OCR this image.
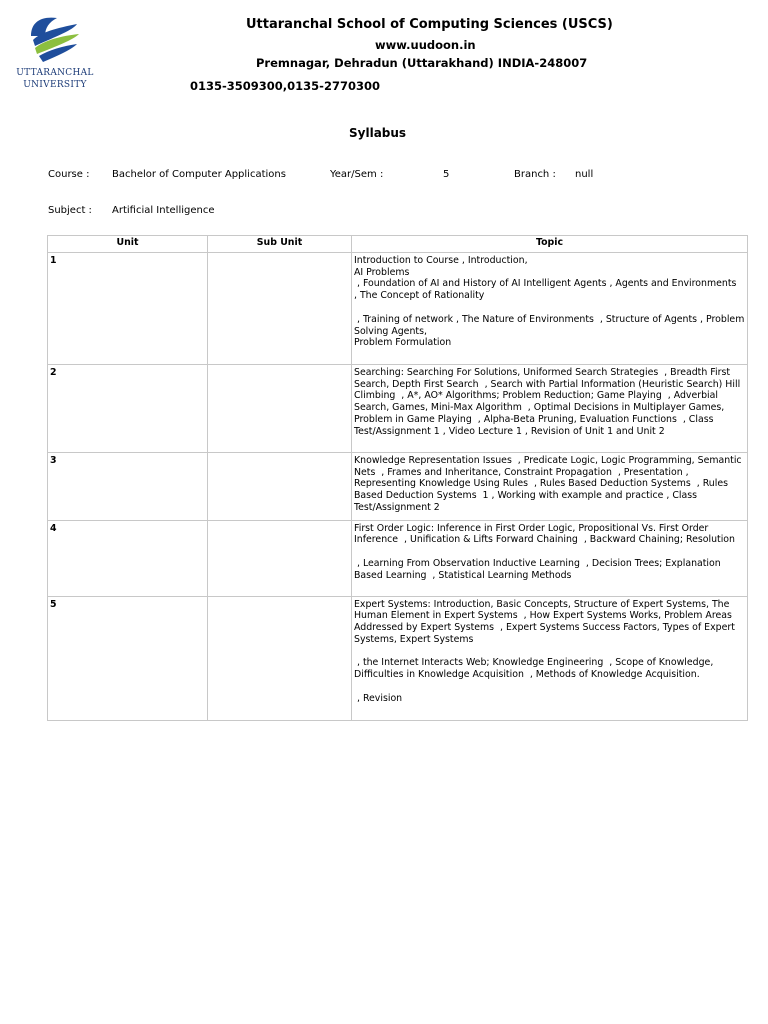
UTTARANCHAL
UNIVERSITY
Uttaranchal School of Computing Sciences (USCS)
www.uudoon.in
Premnagar, Dehradun (Uttarakhand) INDIA-248007
0135-3509300,0135-2770300
Syllabus
Course : Bachelor of Computer Applications	Year/Sem :	5	Branch : null
Subject : Artificial Intelligence
Unit	Sub Unit	Topic
1		Introduction to Course , Introduction,
AI Problems
, Foundation of AI and History of AI Intelligent Agents , Agents and Environments  , The Concept of Rationality
, Training of network , The Nature of Environments  , Structure of Agents , Problem Solving Agents,
Problem Formulation

2		Searching: Searching For Solutions, Uniformed Search Strategies  , Breadth First Search, Depth First Search  , Search with Partial Information (Heuristic Search) Hill Climbing  , A*, AO* Algorithms; Problem Reduction; Game Playing  , Adverbial Search, Games, Mini-Max Algorithm  , Optimal Decisions in Multiplayer Games, Problem in Game Playing  , Alpha-Beta Pruning, Evaluation Functions  , Class Test/Assignment 1 , Video Lecture 1 , Revision of Unit 1 and Unit 2

3		Knowledge Representation Issues  , Predicate Logic, Logic Programming, Semantic Nets  , Frames and Inheritance, Constraint Propagation  , Presentation , Representing Knowledge Using Rules  , Rules Based Deduction Systems  , Rules Based Deduction Systems  1 , Working with example and practice , Class Test/Assignment 2

4		First Order Logic: Inference in First Order Logic, Propositional Vs. First Order Inference  , Unification & Lifts Forward Chaining  , Backward Chaining; Resolution
, Learning From Observation Inductive Learning  , Decision Trees; Explanation Based Learning  , Statistical Learning Methods

5		Expert Systems: Introduction, Basic Concepts, Structure of Expert Systems, The Human Element in Expert Systems  , How Expert Systems Works, Problem Areas Addressed by Expert Systems  , Expert Systems Success Factors, Types of Expert Systems, Expert Systems
, the Internet Interacts Web; Knowledge Engineering  , Scope of Knowledge, Difficulties in Knowledge Acquisition  , Methods of Knowledge Acquisition.
, Revision
